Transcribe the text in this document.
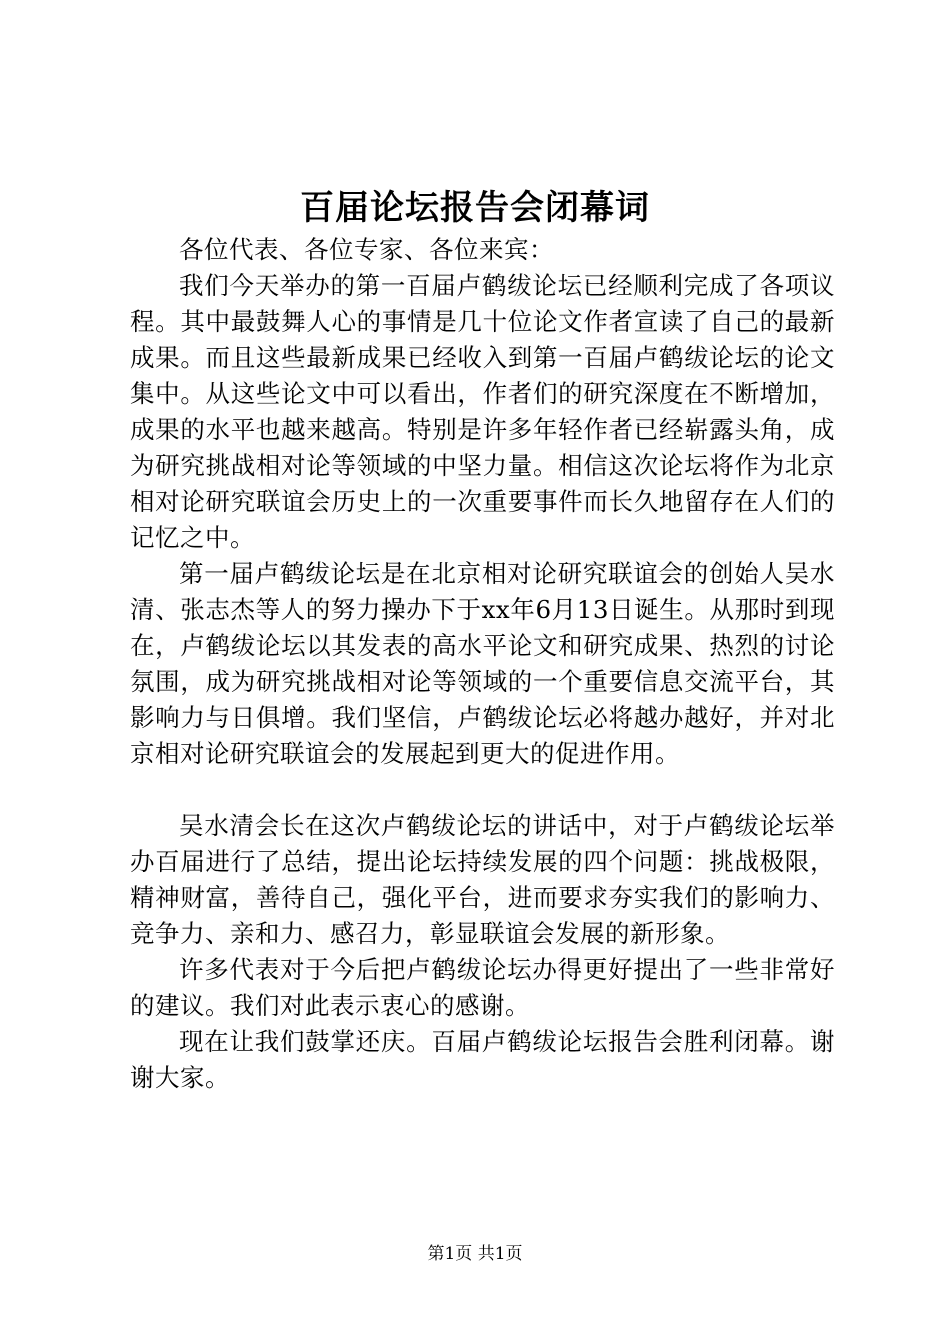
百届论坛报告会闭幕词

各位代表、各位专家、各位来宾：

我们今天举办的第一百届卢鹤绂论坛已经顺利完成了各项议程。其中最鼓舞人心的事情是几十位论文作者宣读了自己的最新成果。而且这些最新成果已经收入到第一百届卢鹤绂论坛的论文集中。从这些论文中可以看出，作者们的研究深度在不断增加，成果的水平也越来越高。特别是许多年轻作者已经崭露头角，成为研究挑战相对论等领域的中坚力量。相信这次论坛将作为北京相对论研究联谊会历史上的一次重要事件而长久地留存在人们的记忆之中。

第一届卢鹤绂论坛是在北京相对论研究联谊会的创始人吴水清、张志杰等人的努力操办下于xx年6月13日诞生。从那时到现在，卢鹤绂论坛以其发表的高水平论文和研究成果、热烈的讨论氛围，成为研究挑战相对论等领域的一个重要信息交流平台，其影响力与日俱增。我们坚信，卢鹤绂论坛必将越办越好，并对北京相对论研究联谊会的发展起到更大的促进作用。

吴水清会长在这次卢鹤绂论坛的讲话中，对于卢鹤绂论坛举办百届进行了总结，提出论坛持续发展的四个问题：挑战极限，精神财富，善待自己，强化平台，进而要求夯实我们的影响力、竞争力、亲和力、感召力，彰显联谊会发展的新形象。

许多代表对于今后把卢鹤绂论坛办得更好提出了一些非常好的建议。我们对此表示衷心的感谢。

现在让我们鼓掌还庆。百届卢鹤绂论坛报告会胜利闭幕。谢谢大家。

第1页 共1页
